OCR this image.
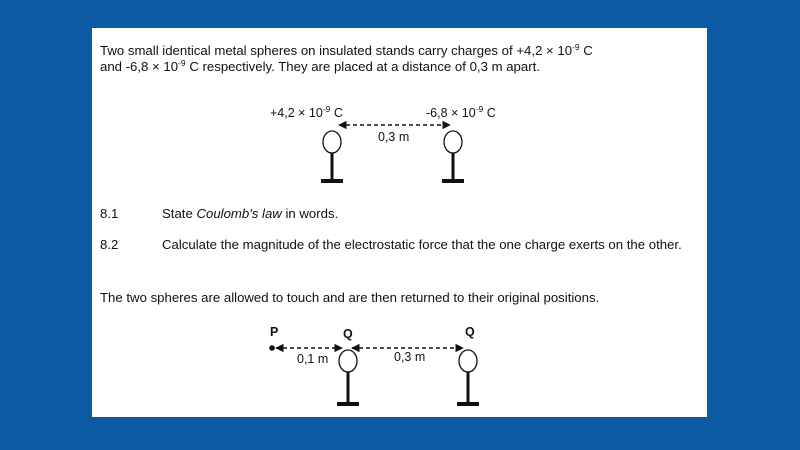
Two small identical metal spheres on insulated stands carry charges of $+4,2 \times 10^{-9}$ C
and $-6,8 \times 10^{-9}$ C respectively. They are placed at a distance of 0,3 m apart.
$+4,2 \times 10^{-9}$ C	$-6,8 \times 10^{-9}$ C
0,3 m
8.1	State Coulomb's law in words.
8.2	Calculate the magnitude of the electrostatic force that the one charge exerts on the other.
The two spheres are allowed to touch and are then returned to their original positions.
P	Q	Q
0,1 m	0,3 m
